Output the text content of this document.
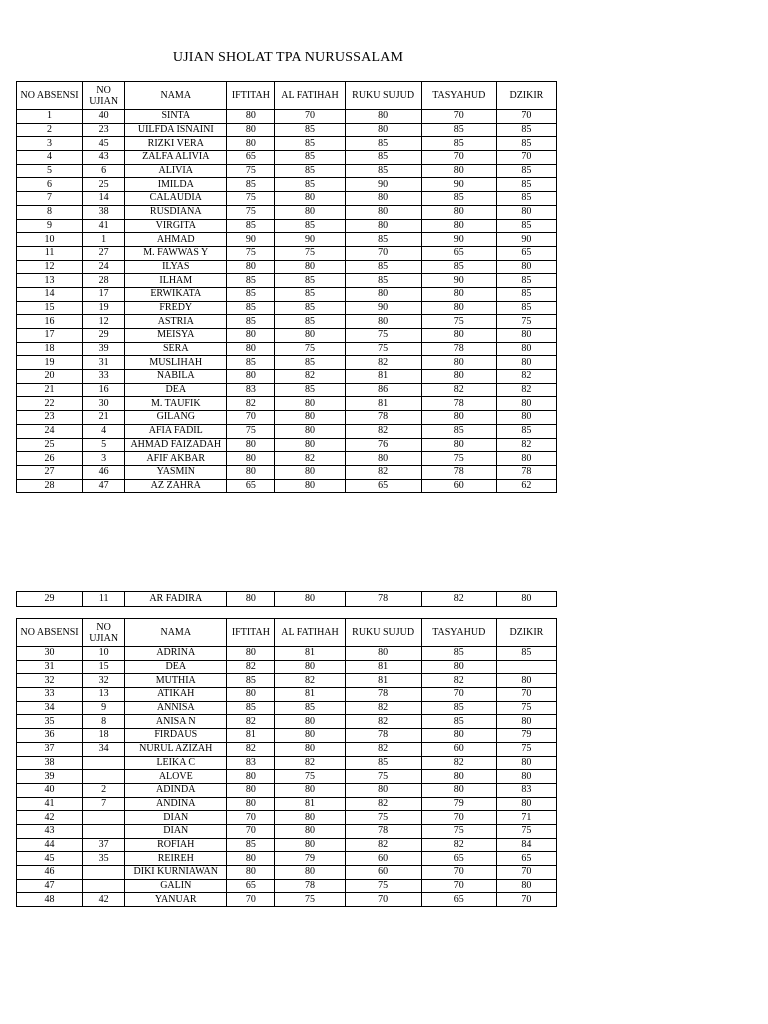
UJIAN SHOLAT TPA NURUSSALAM
NO ABSENSI	NO UJIAN	NAMA	IFTITAH	AL FATIHAH	RUKU SUJUD	TASYAHUD	DZIKIR
1	40	SINTA	80	70	80	70	70
2	23	UILFDA ISNAINI	80	85	80	85	85
3	45	RIZKI VERA	80	85	85	85	85
4	43	ZALFA ALIVIA	65	85	85	70	70
5	6	ALIVIA	75	85	85	80	85
6	25	IMILDA	85	85	90	90	85
7	14	CALAUDIA	75	80	80	85	85
8	38	RUSDIANA	75	80	80	80	80
9	41	VIRGITA	85	85	80	80	85
10	1	AHMAD	90	90	85	90	90
11	27	M. FAWWAS Y	75	75	70	65	65
12	24	ILYAS	80	80	85	85	80
13	28	ILHAM	85	85	85	90	85
14	17	ERWIKATA	85	85	80	80	85
15	19	FREDY	85	85	90	80	85
16	12	ASTRIA	85	85	80	75	75
17	29	MEISYA	80	80	75	80	80
18	39	SERA	80	75	75	78	80
19	31	MUSLIHAH	85	85	82	80	80
20	33	NABILA	80	82	81	80	82
21	16	DEA	83	85	86	82	82
22	30	M. TAUFIK	82	80	81	78	80
23	21	GILANG	70	80	78	80	80
24	4	AFIA FADIL	75	80	82	85	85
25	5	AHMAD FAIZADAH	80	80	76	80	82
26	3	AFIF AKBAR	80	82	80	75	80
27	46	YASMIN	80	80	82	78	78
28	47	AZ ZAHRA	65	80	65	60	62
29	11	AR FADIRA	80	80	78	82	80
NO ABSENSI	NO UJIAN	NAMA	IFTITAH	AL FATIHAH	RUKU SUJUD	TASYAHUD	DZIKIR
30	10	ADRINA	80	81	80	85	85
31	15	DEA	82	80	81	80	
32	32	MUTHIA	85	82	81	82	80
33	13	ATIKAH	80	81	78	70	70
34	9	ANNISA	85	85	82	85	75
35	8	ANISA N	82	80	82	85	80
36	18	FIRDAUS	81	80	78	80	79
37	34	NURUL AZIZAH	82	80	82	60	75
38		LEIKA C	83	82	85	82	80
39		ALOVE	80	75	75	80	80
40	2	ADINDA	80	80	80	80	83
41	7	ANDINA	80	81	82	79	80
42		DIAN	70	80	75	70	71
43		DIAN	70	80	78	75	75
44	37	ROFIAH	85	80	82	82	84
45	35	REIREH	80	79	60	65	65
46		DIKI KURNIAWAN	80	80	60	70	70
47		GALIN	65	78	75	70	80
48	42	YANUAR	70	75	70	65	70
